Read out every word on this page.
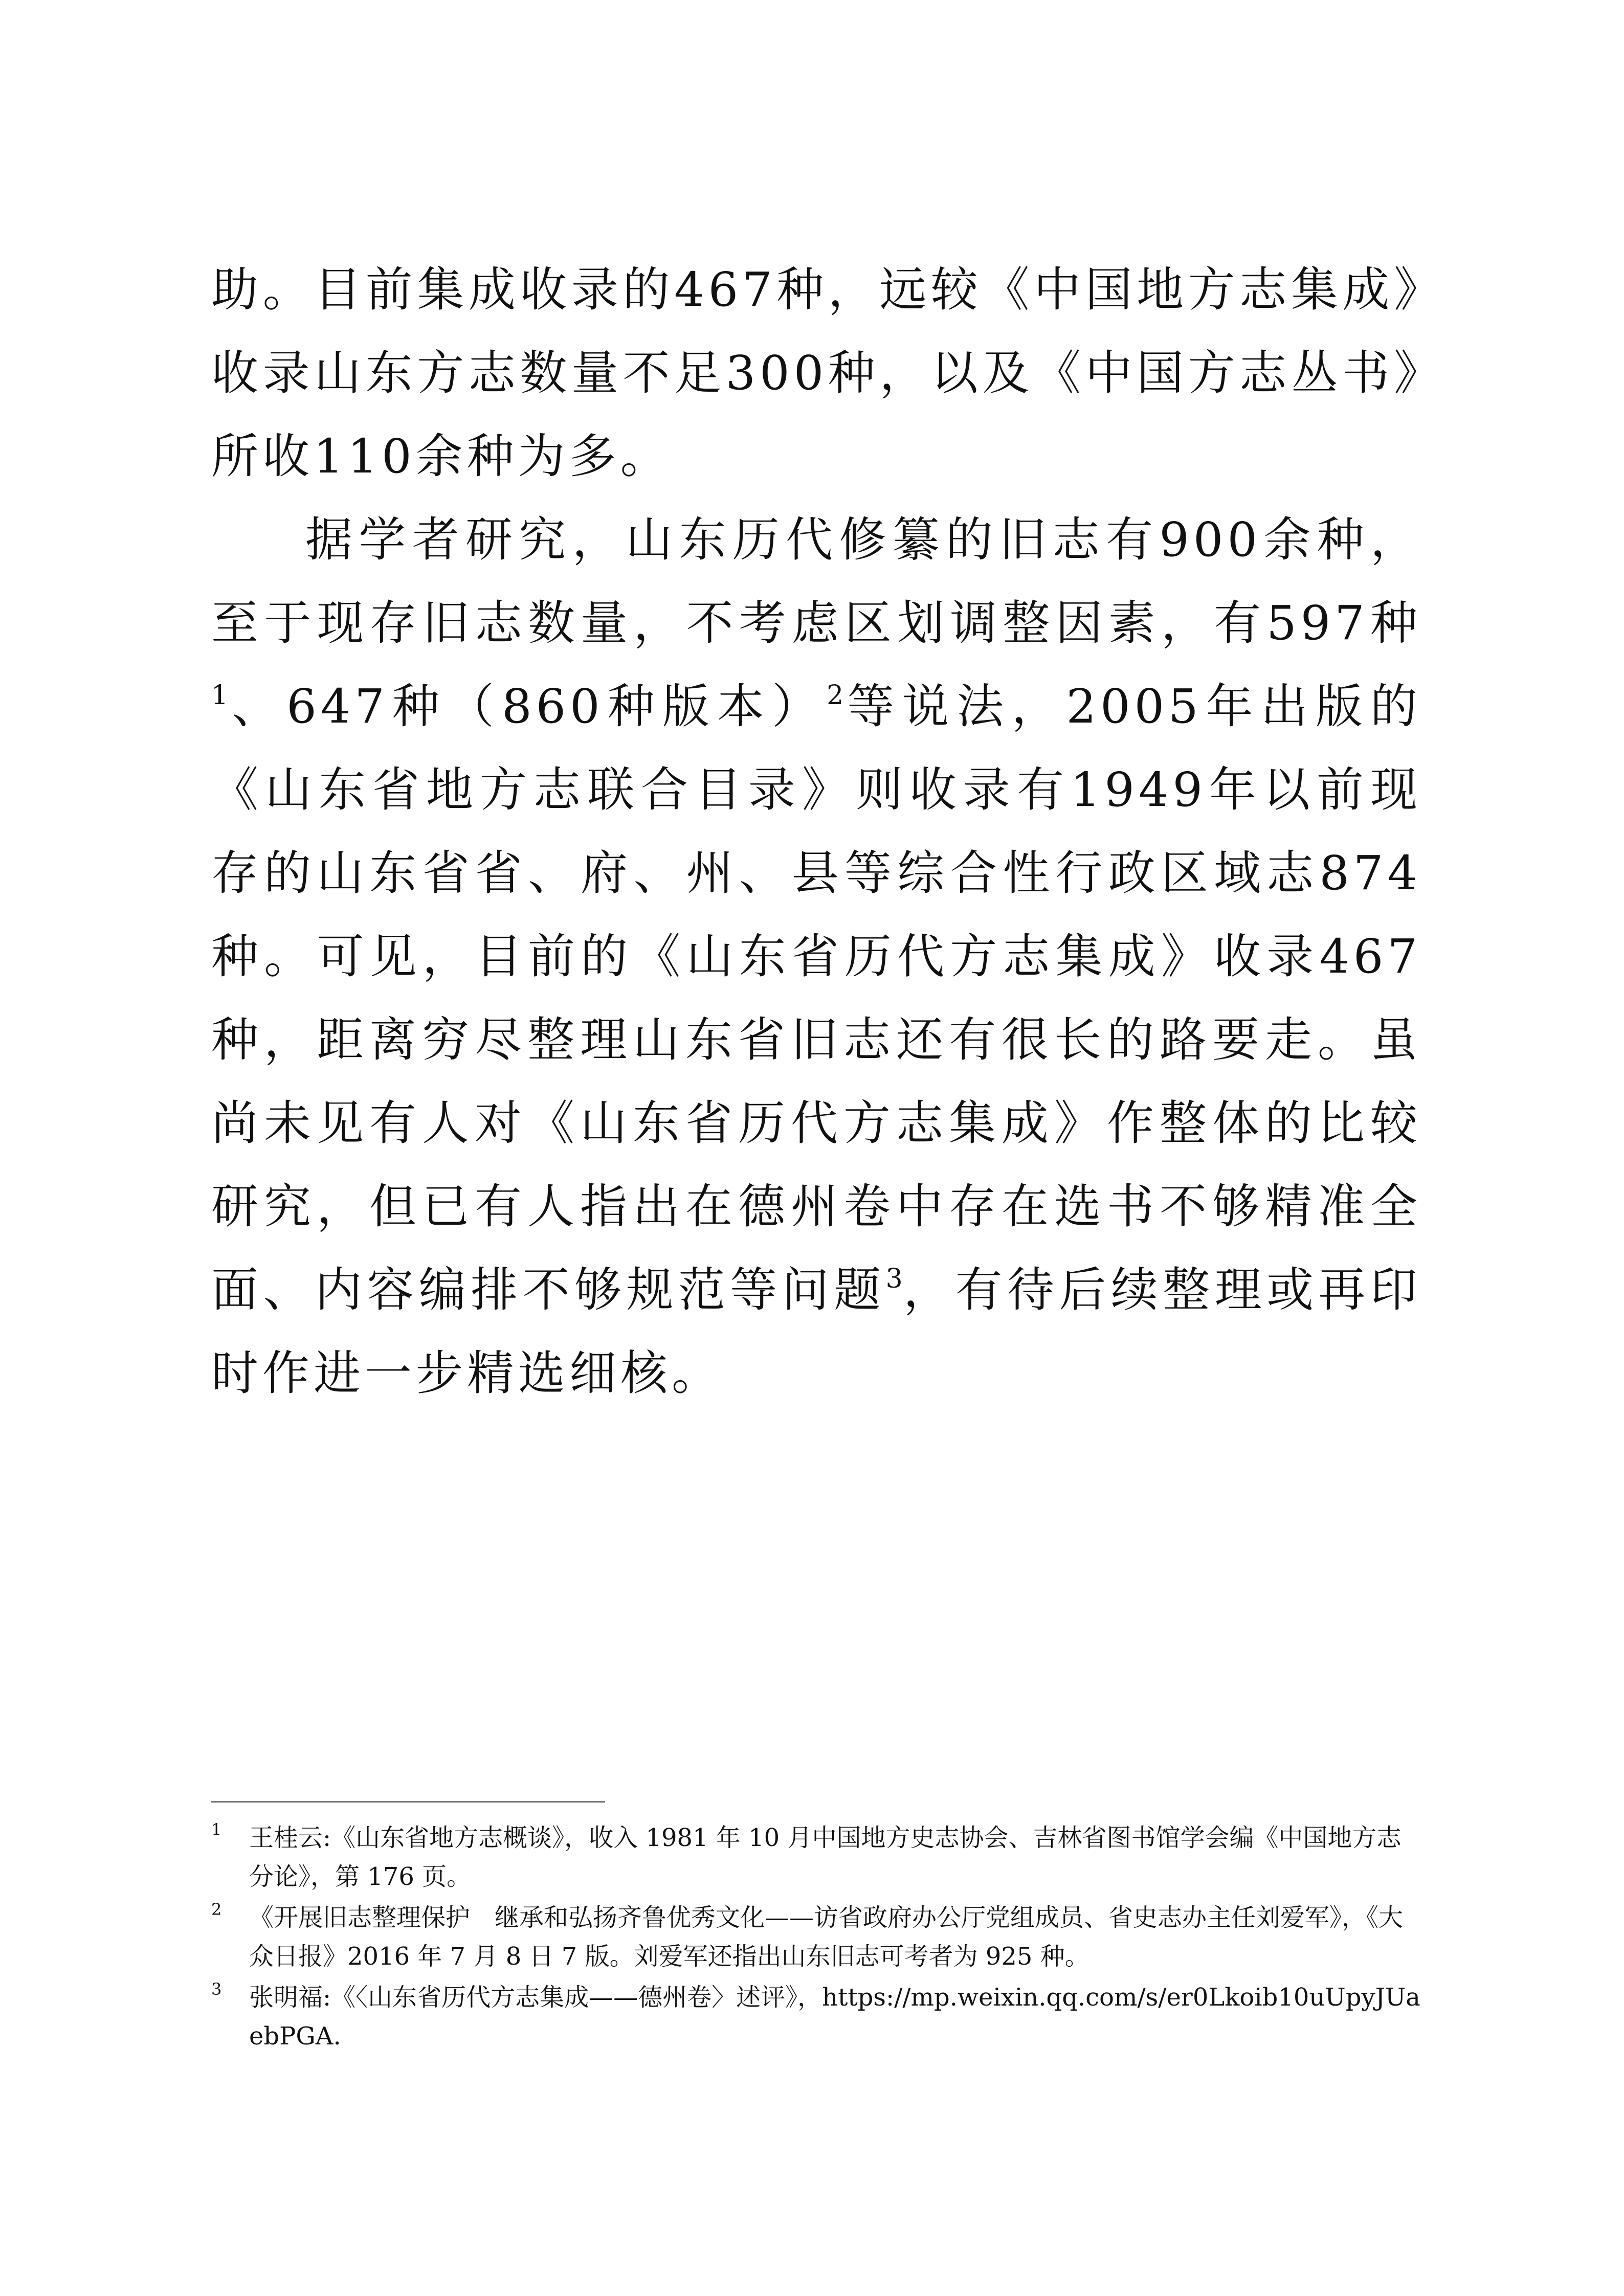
助。目前集成收录的467种，远较《中国地方志集成》收录山东方志数量不足300种，以及《中国方志丛书》所收110余种为多。

据学者研究，山东历代修纂的旧志有900余种，至于现存旧志数量，不考虑区划调整因素，有597种$^1$、647种（860种版本）$^2$等说法，2005年出版的《山东省地方志联合目录》则收录有1949年以前现存的山东省省、府、州、县等综合性行政区域志874种。可见，目前的《山东省历代方志集成》收录467种，距离穷尽整理山东省旧志还有很长的路要走。虽尚未见有人对《山东省历代方志集成》作整体的比较研究，但已有人指出在德州卷中存在选书不够精准全面、内容编排不够规范等问题$^3$，有待后续整理或再印时作进一步精选细核。

1 王桂云:《山东省地方志概谈》，收入 1981 年 10 月中国地方史志协会、吉林省图书馆学会编《中国地方志分论》，第 176 页。
2 《开展旧志整理保护　继承和弘扬齐鲁优秀文化——访省政府办公厅党组成员、省史志办主任刘爱军》，《大众日报》2016 年 7 月 8 日 7 版。刘爱军还指出山东旧志可考者为 925 种。
3 张明福:《〈山东省历代方志集成——德州卷〉述评》，https://mp.weixin.qq.com/s/er0Lkoib10uUpyJUaebPGA.
